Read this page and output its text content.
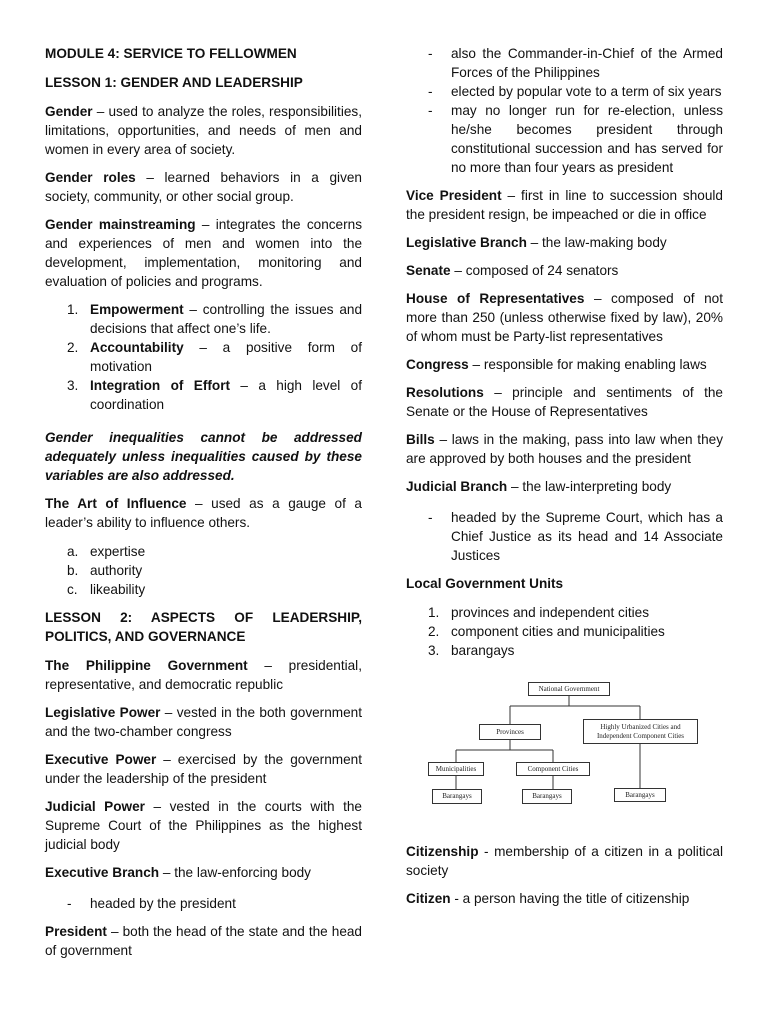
MODULE 4: SERVICE TO FELLOWMEN
LESSON 1: GENDER AND LEADERSHIP

Gender – used to analyze the roles, responsibilities, limitations, opportunities, and needs of men and women in every area of society.

Gender roles – learned behaviors in a given society, community, or other social group.

Gender mainstreaming – integrates the concerns and experiences of men and women into the development, implementation, monitoring and evaluation of policies and programs.

1. Empowerment – controlling the issues and decisions that affect one’s life.
2. Accountability – a positive form of motivation
3. Integration of Effort – a high level of coordination

Gender inequalities cannot be addressed adequately unless inequalities caused by these variables are also addressed.

The Art of Influence – used as a gauge of a leader’s ability to influence others.

a. expertise
b. authority
c. likeability
LESSON 2: ASPECTS OF LEADERSHIP, POLITICS, AND GOVERNANCE

The Philippine Government – presidential, representative, and democratic republic

Legislative Power – vested in the both government and the two-chamber congress

Executive Power – exercised by the government under the leadership of the president

Judicial Power – vested in the courts with the Supreme Court of the Philippines as the highest judicial body

Executive Branch – the law-enforcing body

- headed by the president

President – both the head of the state and the head of government

- also the Commander-in-Chief of the Armed Forces of the Philippines
- elected by popular vote to a term of six years
- may no longer run for re-election, unless he/she becomes president through constitutional succession and has served for no more than four years as president

Vice President – first in line to succession should the president resign, be impeached or die in office

Legislative Branch – the law-making body

Senate – composed of 24 senators

House of Representatives – composed of not more than 250 (unless otherwise fixed by law), 20% of whom must be Party-list representatives

Congress – responsible for making enabling laws

Resolutions – principle and sentiments of the Senate or the House of Representatives

Bills – laws in the making, pass into law when they are approved by both houses and the president

Judicial Branch – the law-interpreting body

- headed by the Supreme Court, which has a Chief Justice as its head and 14 Associate Justices
Local Government Units
1. provinces and independent cities
2. component cities and municipalities
3. barangays
National Government
Provinces
Highly Urbanized Cities and Independent Component Cities
Municipalities	Component Cities
Barangays	Barangays	Barangays

Citizenship - membership of a citizen in a political society

Citizen - a person having the title of citizenship
